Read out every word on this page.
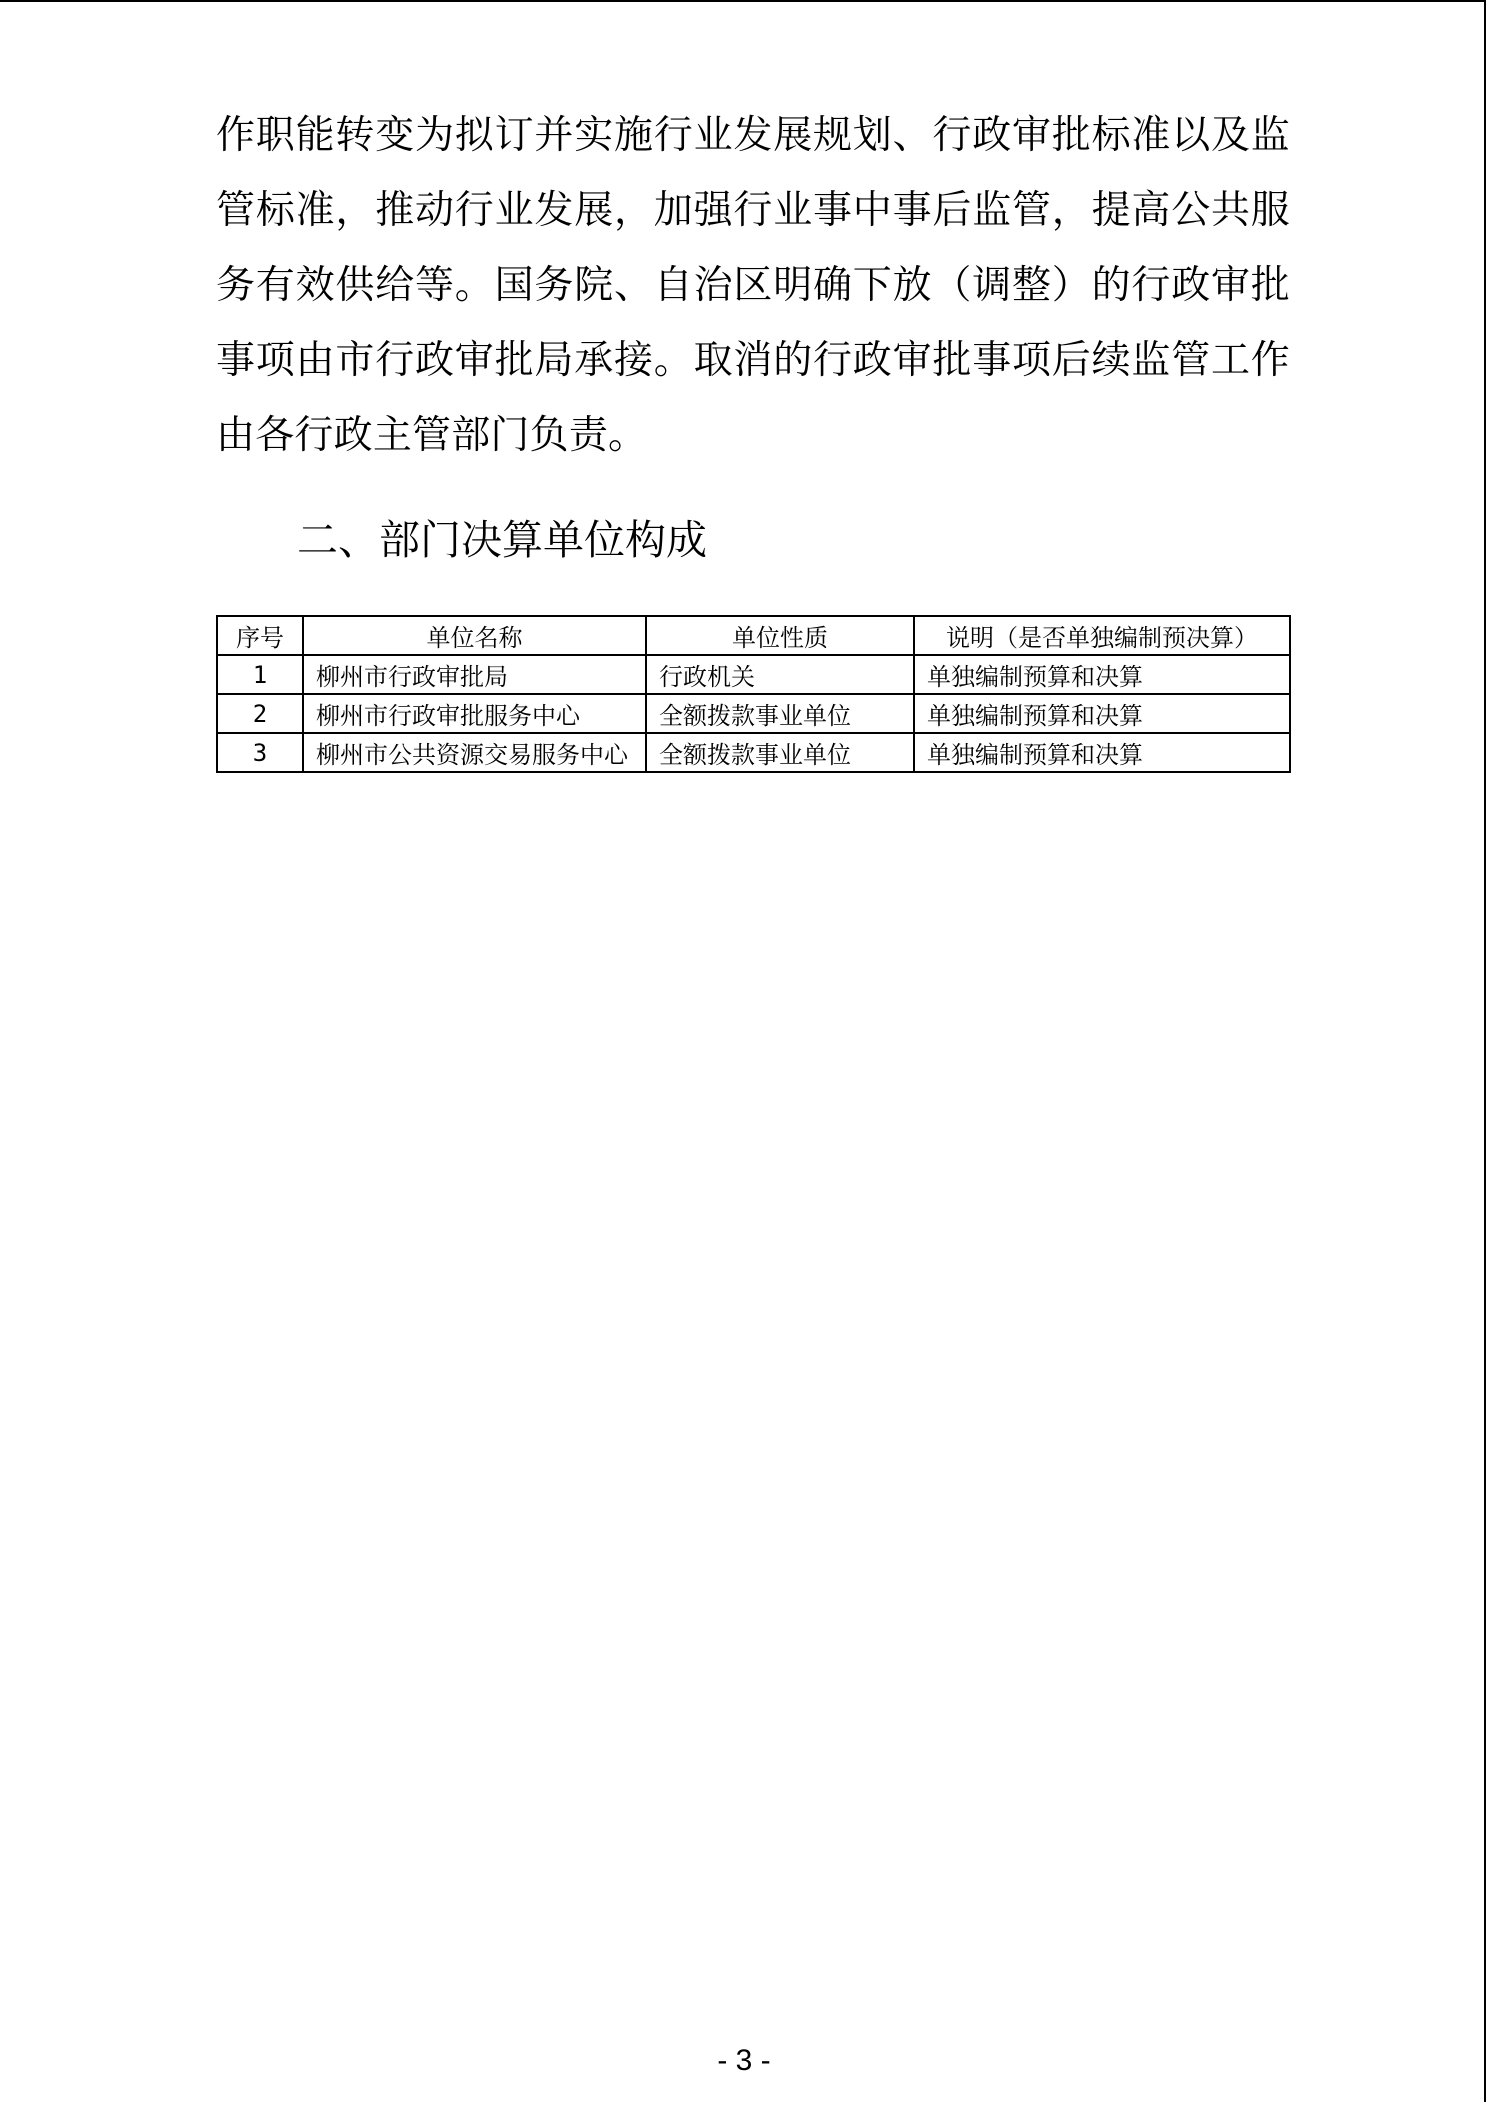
作职能转变为拟订并实施行业发展规划、行政审批标准以及监管标准，推动行业发展，加强行业事中事后监管，提高公共服务有效供给等。国务院、自治区明确下放（调整）的行政审批事项由市行政审批局承接。取消的行政审批事项后续监管工作由各行政主管部门负责。

二、部门决算单位构成
序号	单位名称	单位性质	说明（是否单独编制预决算）
1	柳州市行政审批局	行政机关	单独编制预算和决算
2	柳州市行政审批服务中心	全额拨款事业单位	单独编制预算和决算
3	柳州市公共资源交易服务中心	全额拨款事业单位	单独编制预算和决算
- 3 -
